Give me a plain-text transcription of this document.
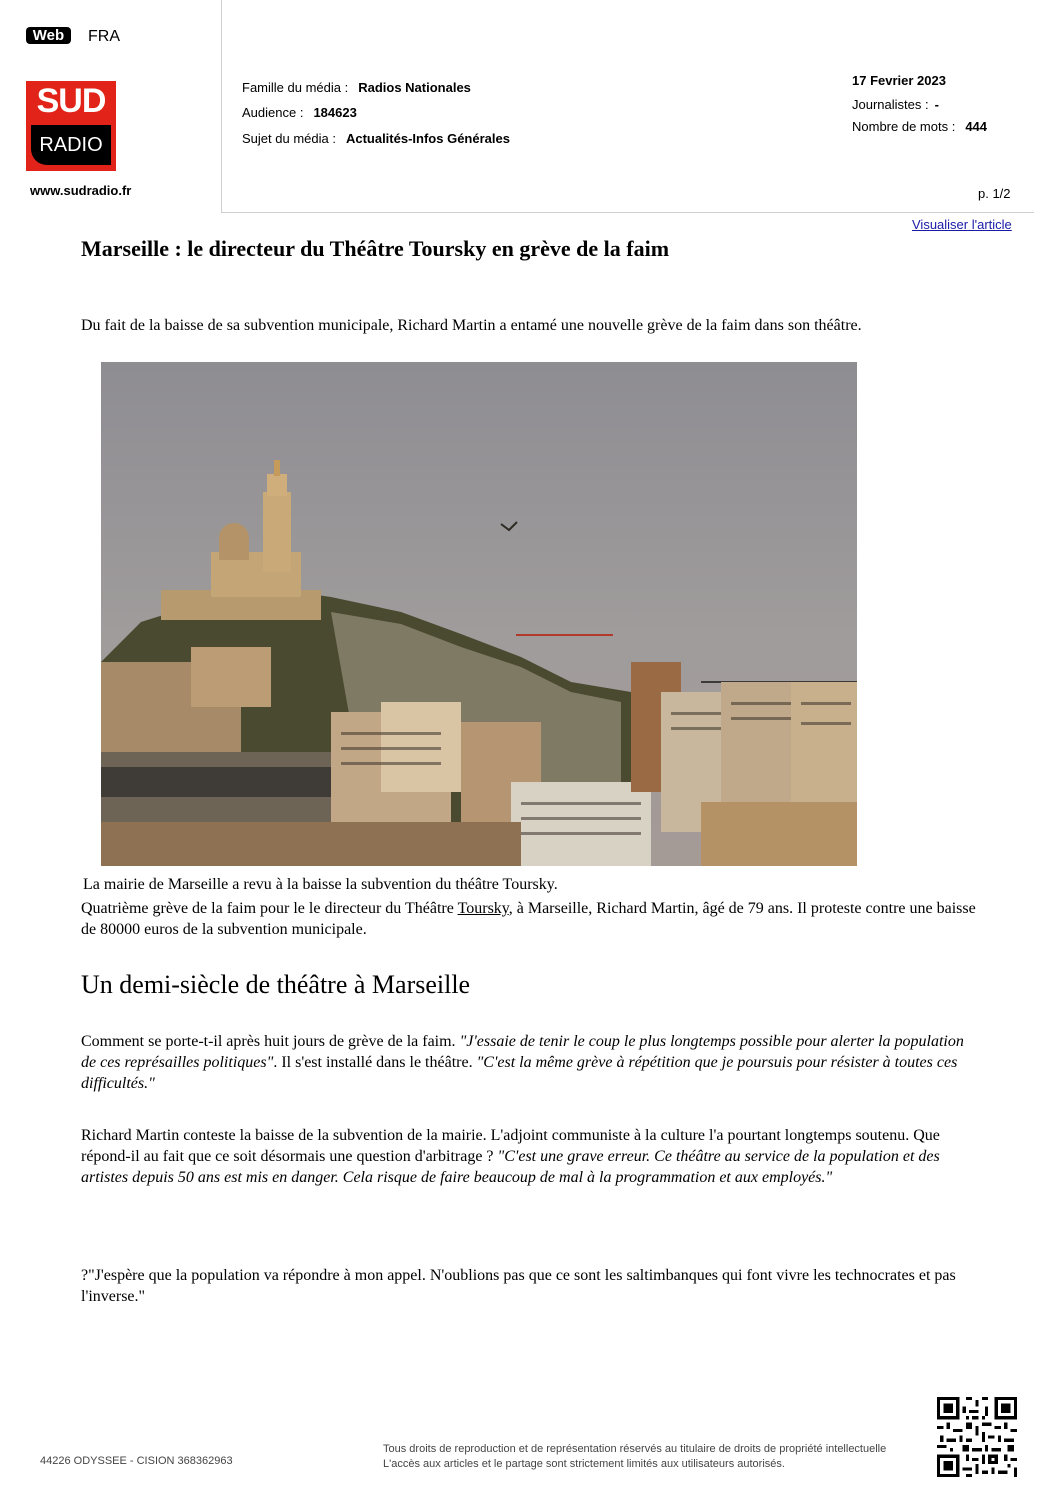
Web	FRA
SUD
RADIO
www.sudradio.fr
Famille du média : Radios Nationales
Audience : 184623
Sujet du média : Actualités-Infos Générales
17 Fevrier 2023
Journalistes : -
Nombre de mots : 444
p. 1/2
Visualiser l'article
Marseille : le directeur du Théâtre Toursky en grève de la faim
Du fait de la baisse de sa subvention municipale, Richard Martin a entamé une nouvelle grève de la faim dans son théâtre.
La mairie de Marseille a revu à la baisse la subvention du théâtre Toursky.
Quatrième grève de la faim pour le le directeur du Théâtre Toursky, à Marseille, Richard Martin, âgé de 79 ans. Il proteste contre une baisse de 80000 euros de la subvention municipale.
Un demi-siècle de théâtre à Marseille
Comment se porte-t-il après huit jours de grève de la faim. "J'essaie de tenir le coup le plus longtemps possible pour alerter la population de ces représailles politiques". Il s'est installé dans le théâtre. "C'est la même grève à répétition que je poursuis pour résister à toutes ces difficultés."
Richard Martin conteste la baisse de la subvention de la mairie. L'adjoint communiste à la culture l'a pourtant longtemps soutenu. Que répond-il au fait que ce soit désormais une question d'arbitrage ? "C'est une grave erreur. Ce théâtre au service de la population et des artistes depuis 50 ans est mis en danger. Cela risque de faire beaucoup de mal à la programmation et aux employés."
?"J'espère que la population va répondre à mon appel. N'oublions pas que ce sont les saltimbanques qui font vivre les technocrates et pas l'inverse."
44226 ODYSSEE - CISION 368362963
Tous droits de reproduction et de représentation réservés au titulaire de droits de propriété intellectuelle
L'accès aux articles et le partage sont strictement limités aux utilisateurs autorisés.
